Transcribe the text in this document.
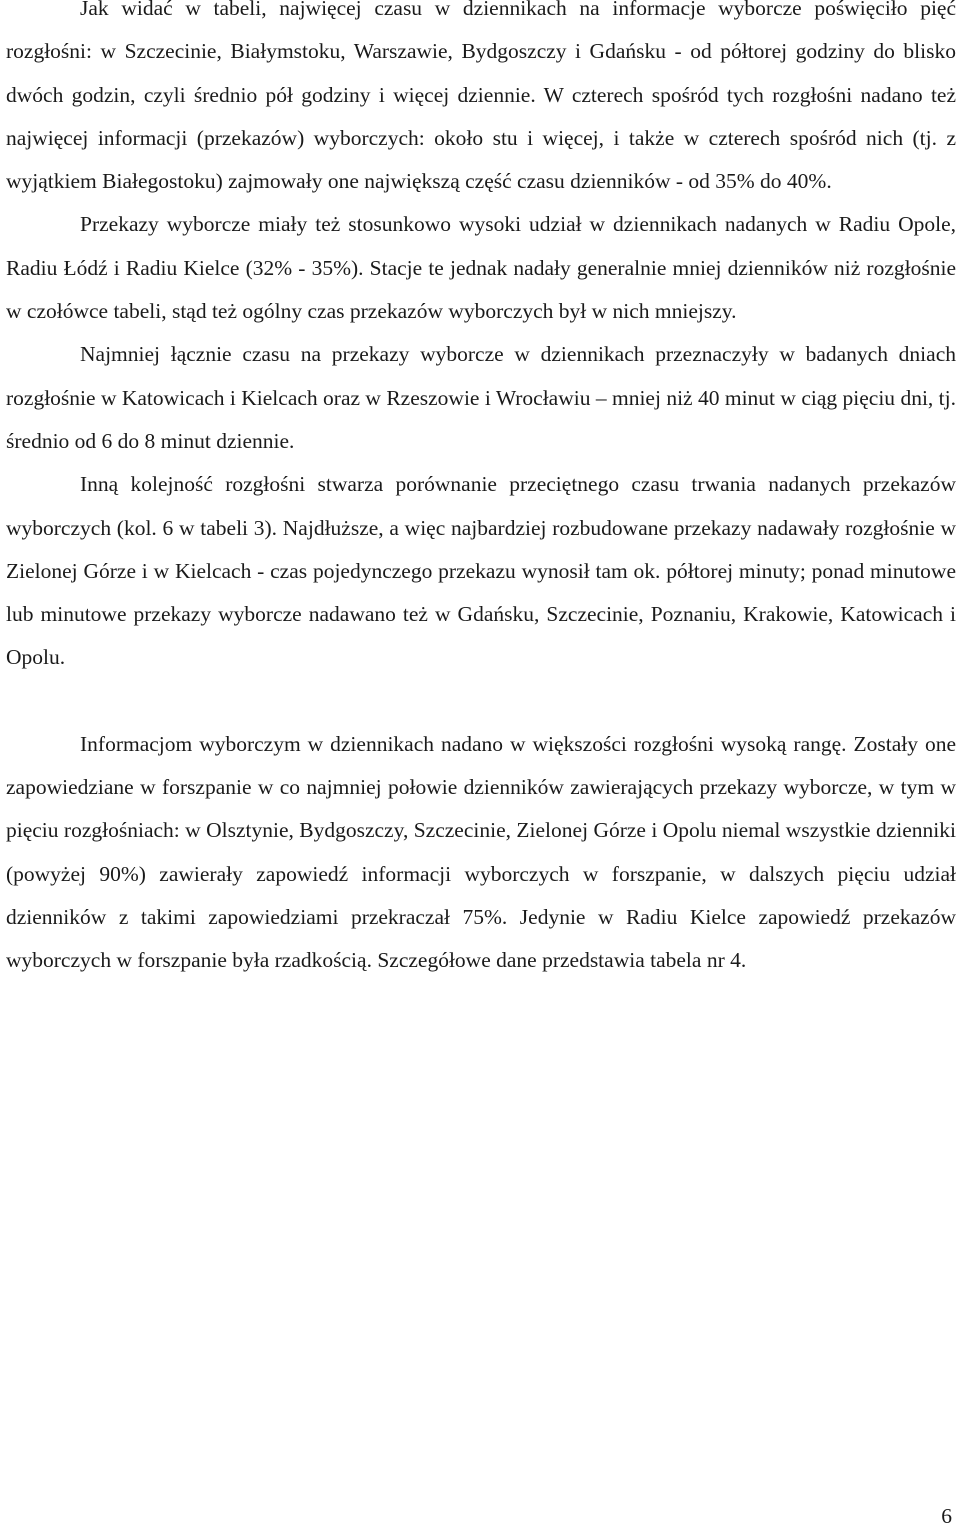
Jak widać w tabeli, najwięcej czasu w dziennikach na informacje wyborcze poświęciło pięć rozgłośni: w Szczecinie, Białymstoku, Warszawie, Bydgoszczy i Gdańsku - od półtorej godziny do blisko dwóch godzin, czyli średnio pół godziny i więcej dziennie. W czterech spośród tych rozgłośni nadano też najwięcej informacji (przekazów) wyborczych: około stu i więcej, i także w czterech spośród nich (tj. z wyjątkiem Białegostoku) zajmowały one największą część czasu dzienników - od 35% do 40%.

Przekazy wyborcze miały też stosunkowo wysoki udział w dziennikach nadanych w Radiu Opole, Radiu Łódź i Radiu Kielce (32% - 35%). Stacje te jednak nadały generalnie mniej dzienników niż rozgłośnie w czołówce tabeli, stąd też ogólny czas przekazów wyborczych był w nich mniejszy.

Najmniej łącznie czasu na przekazy wyborcze w dziennikach przeznaczyły w badanych dniach rozgłośnie w Katowicach i Kielcach oraz w Rzeszowie i Wrocławiu – mniej niż 40 minut w ciąg pięciu dni, tj. średnio od 6 do 8 minut dziennie.

Inną kolejność rozgłośni stwarza porównanie przeciętnego czasu trwania nadanych przekazów wyborczych (kol. 6 w tabeli 3). Najdłuższe, a więc najbardziej rozbudowane przekazy nadawały rozgłośnie w Zielonej Górze i w Kielcach - czas pojedynczego przekazu wynosił tam ok. półtorej minuty; ponad minutowe lub minutowe przekazy wyborcze nadawano też w Gdańsku, Szczecinie, Poznaniu, Krakowie, Katowicach i Opolu.

Informacjom wyborczym w dziennikach nadano w większości rozgłośni wysoką rangę. Zostały one zapowiedziane w forszpanie w co najmniej połowie dzienników zawierających przekazy wyborcze, w tym w pięciu rozgłośniach: w Olsztynie, Bydgoszczy, Szczecinie, Zielonej Górze i Opolu niemal wszystkie dzienniki (powyżej 90%) zawierały zapowiedź informacji wyborczych w forszpanie, w dalszych pięciu udział dzienników z takimi zapowiedziami przekraczał 75%. Jedynie w Radiu Kielce zapowiedź przekazów wyborczych w forszpanie była rzadkością. Szczegółowe dane przedstawia tabela nr 4.

6
